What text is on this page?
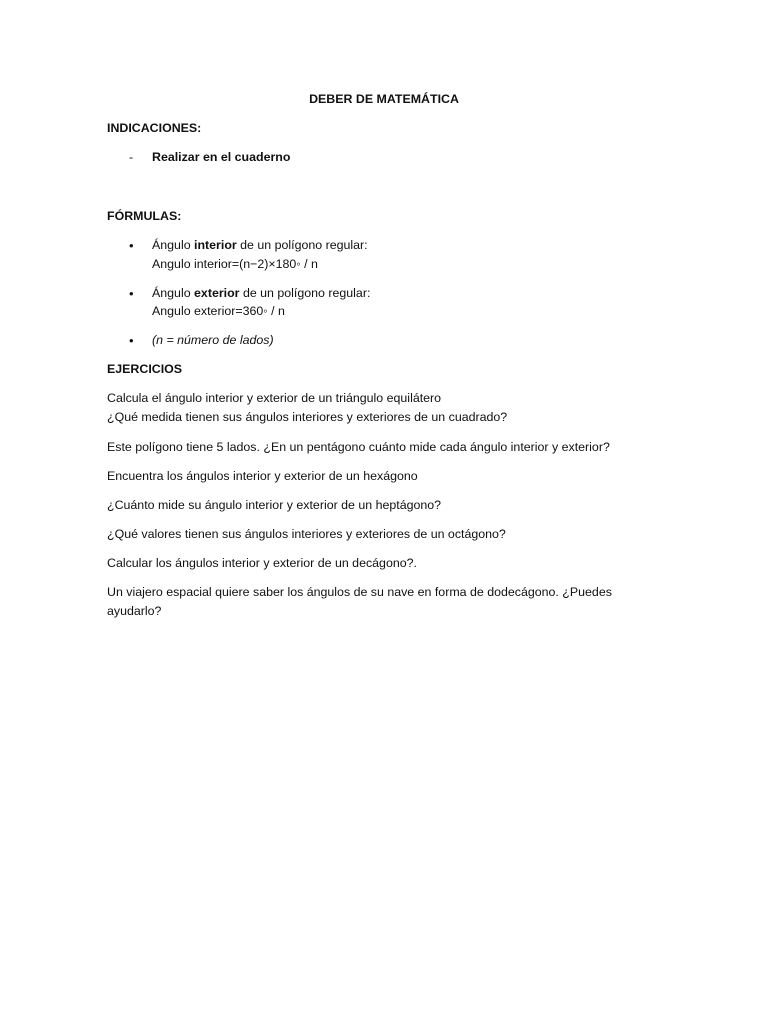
DEBER DE MATEMÁTICA
INDICACIONES:
- Realizar en el cuaderno
FÓRMULAS:
• Ángulo interior de un polígono regular:
Angulo interior=(n−2)×180◦ / n
• Ángulo exterior de un polígono regular:
Angulo exterior=360◦ / n
• (n = número de lados)
EJERCICIOS
Calcula el ángulo interior y exterior de un triángulo equilátero
¿Qué medida tienen sus ángulos interiores y exteriores de un cuadrado?
Este polígono tiene 5 lados. ¿En un pentágono cuánto mide cada ángulo interior y exterior?
Encuentra los ángulos interior y exterior de un hexágono
¿Cuánto mide su ángulo interior y exterior de un heptágono?
¿Qué valores tienen sus ángulos interiores y exteriores de un octágono?
Calcular los ángulos interior y exterior de un decágono?.
Un viajero espacial quiere saber los ángulos de su nave en forma de dodecágono. ¿Puedes
ayudarlo?
